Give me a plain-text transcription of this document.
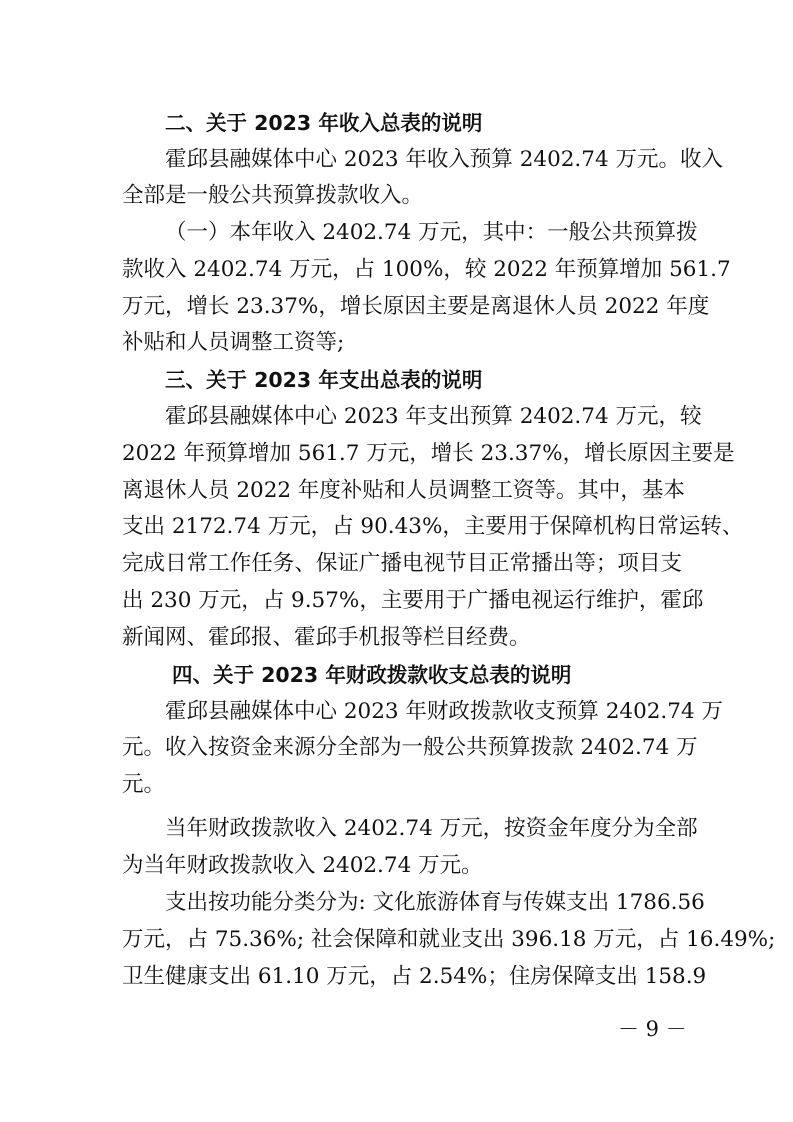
二、关于 2023 年收入总表的说明
霍邱县融媒体中心 2023 年收入预算 2402.74 万元。收入
全部是一般公共预算拨款收入。
（一）本年收入 2402.74 万元，其中：一般公共预算拨
款收入 2402.74 万元，占 100%，较 2022 年预算增加 561.7
万元，增长 23.37%，增长原因主要是离退休人员 2022 年度
补贴和人员调整工资等;
三、关于 2023 年支出总表的说明
霍邱县融媒体中心 2023 年支出预算 2402.74 万元，较
2022 年预算增加 561.7 万元，增长 23.37%，增长原因主要是
离退休人员 2022 年度补贴和人员调整工资等。其中，基本
支出 2172.74 万元，占 90.43%，主要用于保障机构日常运转、
完成日常工作任务、保证广播电视节目正常播出等；项目支
出 230 万元，占 9.57%，主要用于广播电视运行维护，霍邱
新闻网、霍邱报、霍邱手机报等栏目经费。
四、关于 2023 年财政拨款收支总表的说明
霍邱县融媒体中心 2023 年财政拨款收支预算 2402.74 万
元。收入按资金来源分全部为一般公共预算拨款 2402.74 万
元。
当年财政拨款收入 2402.74 万元，按资金年度分为全部
为当年财政拨款收入 2402.74 万元。
支出按功能分类分为: 文化旅游体育与传媒支出 1786.56
万元，占 75.36%; 社会保障和就业支出 396.18 万元，占 16.49%;
卫生健康支出 61.10 万元，占 2.54%；住房保障支出 158.9
－ 9 －
